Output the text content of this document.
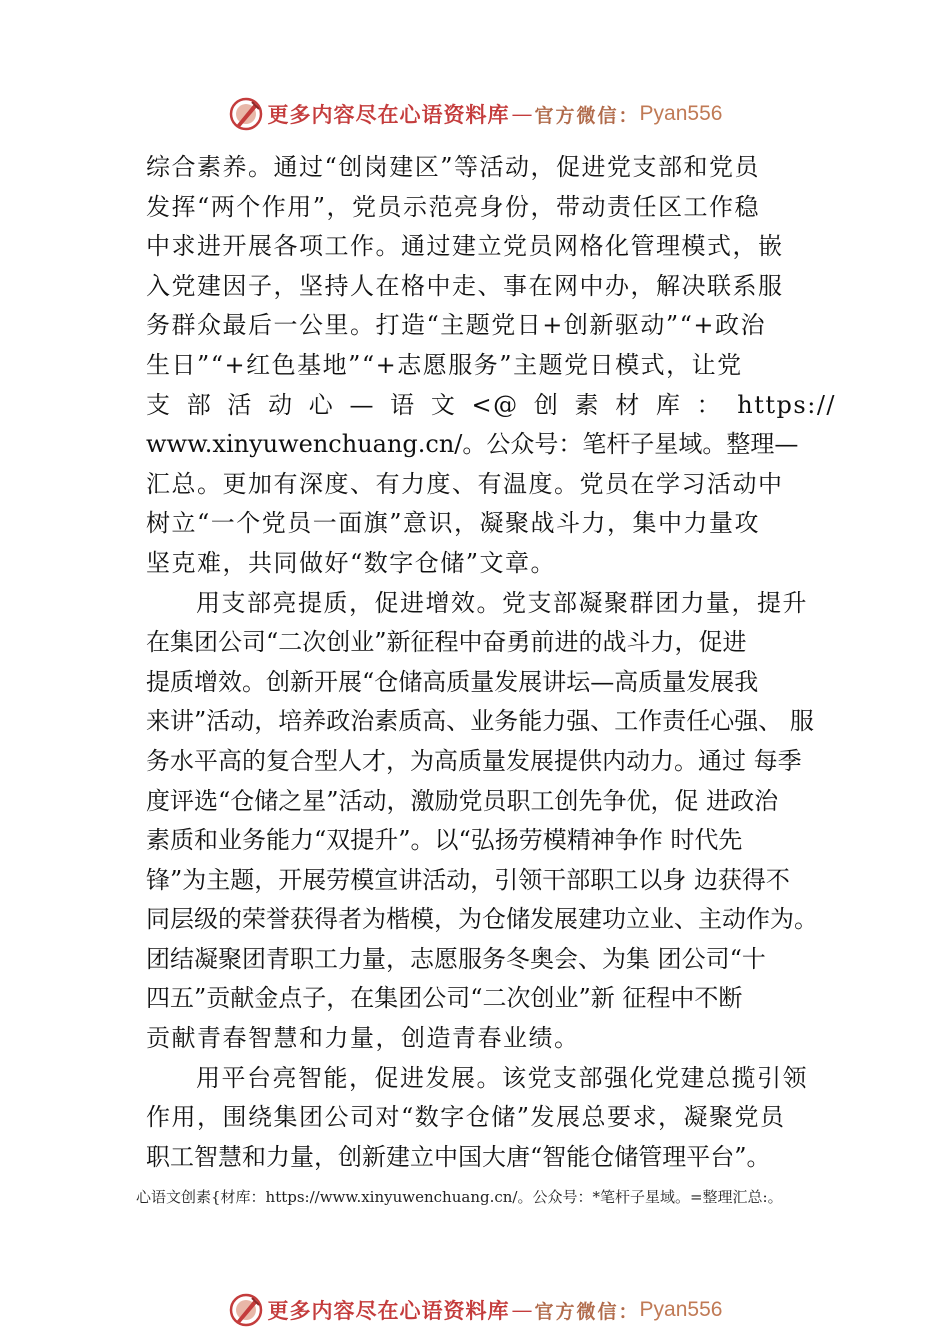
更多内容尽在心语资料库 — 官方微信： Pyan556
综合素养。通过“创岗建区”等活动，促进党支部和党员
发挥“两个作用”，党员示范亮身份，带动责任区工作稳
中求进开展各项工作。通过建立党员网格化管理模式，嵌
入党建因子，坚持人在格中走、事在网中办，解决联系服
务群众最后一公里。打造“主题党日+创新驱动”“+政治
生日”“+红色基地”“+志愿服务”主题党日模式，让党
支部活动心—语文<@创素材库：https://
www.xinyuwenchuang.cn/。公众号：笔杆子星域。整理—
汇总。更加有深度、有力度、有温度。党员在学习活动中
树立“一个党员一面旗”意识，凝聚战斗力，集中力量攻
坚克难，共同做好“数字仓储”文章。
用支部亮提质，促进增效。党支部凝聚群团力量，提升
在集团公司“二次创业”新征程中奋勇前进的战斗力，促进
提质增效。创新开展“仓储高质量发展讲坛—高质量发展我
来讲”活动，培养政治素质高、业务能力强、工作责任心强、 服
务水平高的复合型人才，为高质量发展提供内动力。通过 每季
度评选“仓储之星”活动，激励党员职工创先争优，促 进政治
素质和业务能力“双提升”。以“弘扬劳模精神争作 时代先
锋”为主题，开展劳模宣讲活动，引领干部职工以身 边获得不
同层级的荣誉获得者为楷模，为仓储发展建功立业、主动作为。
团结凝聚团青职工力量，志愿服务冬奥会、为集 团公司“十
四五”贡献金点子，在集团公司“二次创业”新 征程中不断
贡献青春智慧和力量，创造青春业绩。
用平台亮智能，促进发展。该党支部强化党建总揽引领
作用，围绕集团公司对“数字仓储”发展总要求，凝聚党员
职工智慧和力量，创新建立中国大唐“智能仓储管理平台”。
心语文创素{材库：https://www.xinyuwenchuang.cn/。公众号：*笔杆子星域。=整理汇总:。
更多内容尽在心语资料库 — 官方微信： Pyan556
